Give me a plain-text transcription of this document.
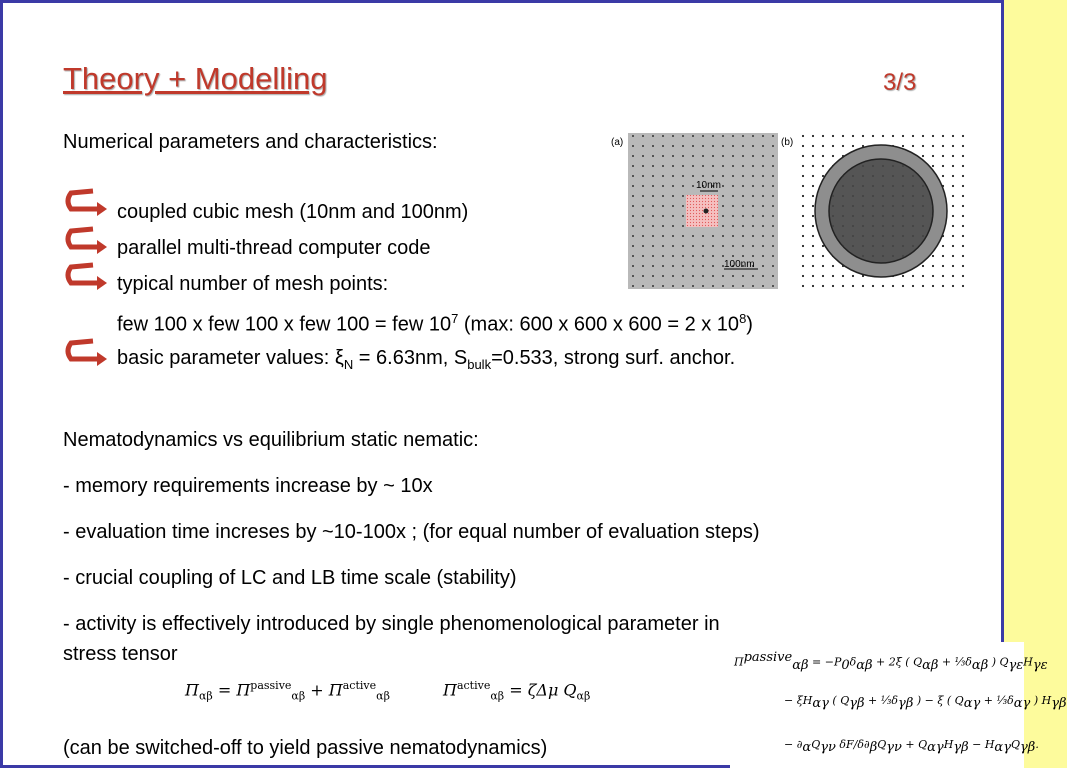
Theory + Modelling	3/3
Numerical parameters and characteristics:
coupled cubic mesh (10nm and 100nm)
parallel multi-thread computer code
typical number of mesh points:
few 100 x few 100 x few 100 = few $10^7$ (max: 600 x 600 x 600 = 2 x $10^8$)
basic parameter values: $\xi_N = 6.63nm$, $S_{bulk}=0.533$, strong surf. anchor.
(a)
10nm
100nm
(b)
Nematodynamics vs equilibrium static nematic:
- memory requirements increase by ~ 10x
- evaluation time increses by ~10-100x ; (for equal number of evaluation steps)
- crucial coupling of LC and LB time scale (stability)
- activity is effectively introduced by single phenomenological parameter in
stress tensor
$\Pi_{\alpha\beta} = \Pi^{passive}_{\alpha\beta} + \Pi^{active}_{\alpha\beta}$	$\Pi^{active}_{\alpha\beta} = \zeta\Delta\mu$ $Q_{\alpha\beta}$
(can be switched-off to yield passive nematodynamics)
$\Pi^{passive}_{\alpha\beta} = -P_0\delta_{\alpha\beta} + 2\xi$ ( $Q_{\alpha\beta}$ + $\frac{1}{3}\delta_{\alpha\beta}$ ) $Q_{\gamma\varepsilon}H_{\gamma\varepsilon}$
− $\xi H_{\alpha\gamma}$ ( $Q_{\gamma\beta}$ + $\frac{1}{3}\delta_{\gamma\beta}$ ) − ξ ( $Q_{\alpha\gamma}$ + $\frac{1}{3}\delta_{\alpha\gamma}$ ) $H_{\gamma\beta}$
− $\partial_\alpha Q_{\gamma\nu}$ $\delta F/\delta\partial_\beta Q_{\gamma\nu} + Q_{\alpha\gamma}H_{\gamma\beta} - H_{\alpha\gamma}Q_{\gamma\beta}$.
